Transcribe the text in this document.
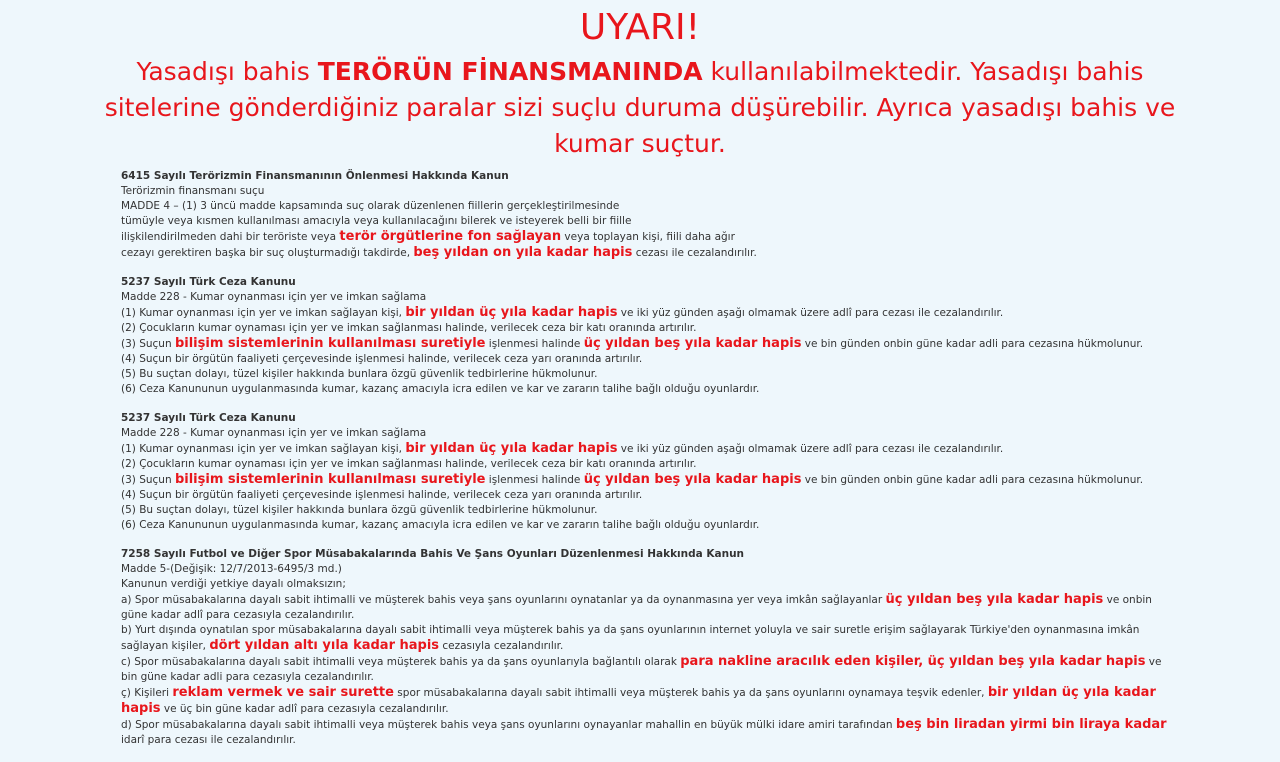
UYARI!
Yasadışı bahis TERÖRÜN FİNANSMANINDA kullanılabilmektedir. Yasadışı bahis sitelerine gönderdiğiniz paralar sizi suçlu duruma düşürebilir. Ayrıca yasadışı bahis ve kumar suçtur.
6415 Sayılı Terörizmin Finansmanının Önlenmesi Hakkında Kanun
Terörizmin finansmanı suçu
MADDE 4 – (1) 3 üncü madde kapsamında suç olarak düzenlenen fiillerin gerçekleştirilmesinde
tümüyle veya kısmen kullanılması amacıyla veya kullanılacağını bilerek ve isteyerek belli bir fiille
ilişkilendirilmeden dahi bir teröriste veya terör örgütlerine fon sağlayan veya toplayan kişi, fiili daha ağır
cezayı gerektiren başka bir suç oluşturmadığı takdirde, beş yıldan on yıla kadar hapis cezası ile cezalandırılır.
5237 Sayılı Türk Ceza Kanunu
Madde 228 - Kumar oynanması için yer ve imkan sağlama
(1) Kumar oynanması için yer ve imkan sağlayan kişi, bir yıldan üç yıla kadar hapis ve iki yüz günden aşağı olmamak üzere adlî para cezası ile cezalandırılır.
(2) Çocukların kumar oynaması için yer ve imkan sağlanması halinde, verilecek ceza bir katı oranında artırılır.
(3) Suçun bilişim sistemlerinin kullanılması suretiyle işlenmesi halinde üç yıldan beş yıla kadar hapis ve bin günden onbin güne kadar adli para cezasına hükmolunur.
(4) Suçun bir örgütün faaliyeti çerçevesinde işlenmesi halinde, verilecek ceza yarı oranında artırılır.
(5) Bu suçtan dolayı, tüzel kişiler hakkında bunlara özgü güvenlik tedbirlerine hükmolunur.
(6) Ceza Kanununun uygulanmasında kumar, kazanç amacıyla icra edilen ve kar ve zararın talihe bağlı olduğu oyunlardır.
5237 Sayılı Türk Ceza Kanunu
Madde 228 - Kumar oynanması için yer ve imkan sağlama
(1) Kumar oynanması için yer ve imkan sağlayan kişi, bir yıldan üç yıla kadar hapis ve iki yüz günden aşağı olmamak üzere adlî para cezası ile cezalandırılır.
(2) Çocukların kumar oynaması için yer ve imkan sağlanması halinde, verilecek ceza bir katı oranında artırılır.
(3) Suçun bilişim sistemlerinin kullanılması suretiyle işlenmesi halinde üç yıldan beş yıla kadar hapis ve bin günden onbin güne kadar adli para cezasına hükmolunur.
(4) Suçun bir örgütün faaliyeti çerçevesinde işlenmesi halinde, verilecek ceza yarı oranında artırılır.
(5) Bu suçtan dolayı, tüzel kişiler hakkında bunlara özgü güvenlik tedbirlerine hükmolunur.
(6) Ceza Kanununun uygulanmasında kumar, kazanç amacıyla icra edilen ve kar ve zararın talihe bağlı olduğu oyunlardır.
7258 Sayılı Futbol ve Diğer Spor Müsabakalarında Bahis Ve Şans Oyunları Düzenlenmesi Hakkında Kanun
Madde 5-(Değişik: 12/7/2013-6495/3 md.)
Kanunun verdiği yetkiye dayalı olmaksızın;
a) Spor müsabakalarına dayalı sabit ihtimalli ve müşterek bahis veya şans oyunlarını oynatanlar ya da oynanmasına yer veya imkân sağlayanlar üç yıldan beş yıla kadar hapis ve onbin güne kadar adlî para cezasıyla cezalandırılır.
b) Yurt dışında oynatılan spor müsabakalarına dayalı sabit ihtimalli veya müşterek bahis ya da şans oyunlarının internet yoluyla ve sair suretle erişim sağlayarak Türkiye'den oynanmasına imkân sağlayan kişiler, dört yıldan altı yıla kadar hapis cezasıyla cezalandırılır.
c) Spor müsabakalarına dayalı sabit ihtimalli veya müşterek bahis ya da şans oyunlarıyla bağlantılı olarak para nakline aracılık eden kişiler, üç yıldan beş yıla kadar hapis ve bin güne kadar adli para cezasıyla cezalandırılır.
ç) Kişileri reklam vermek ve sair surette spor müsabakalarına dayalı sabit ihtimalli veya müşterek bahis ya da şans oyunlarını oynamaya teşvik edenler, bir yıldan üç yıla kadar hapis ve üç bin güne kadar adlî para cezasıyla cezalandırılır.
d) Spor müsabakalarına dayalı sabit ihtimalli veya müşterek bahis veya şans oyunlarını oynayanlar mahallin en büyük mülki idare amiri tarafından beş bin liradan yirmi bin liraya kadar idarî para cezası ile cezalandırılır.
